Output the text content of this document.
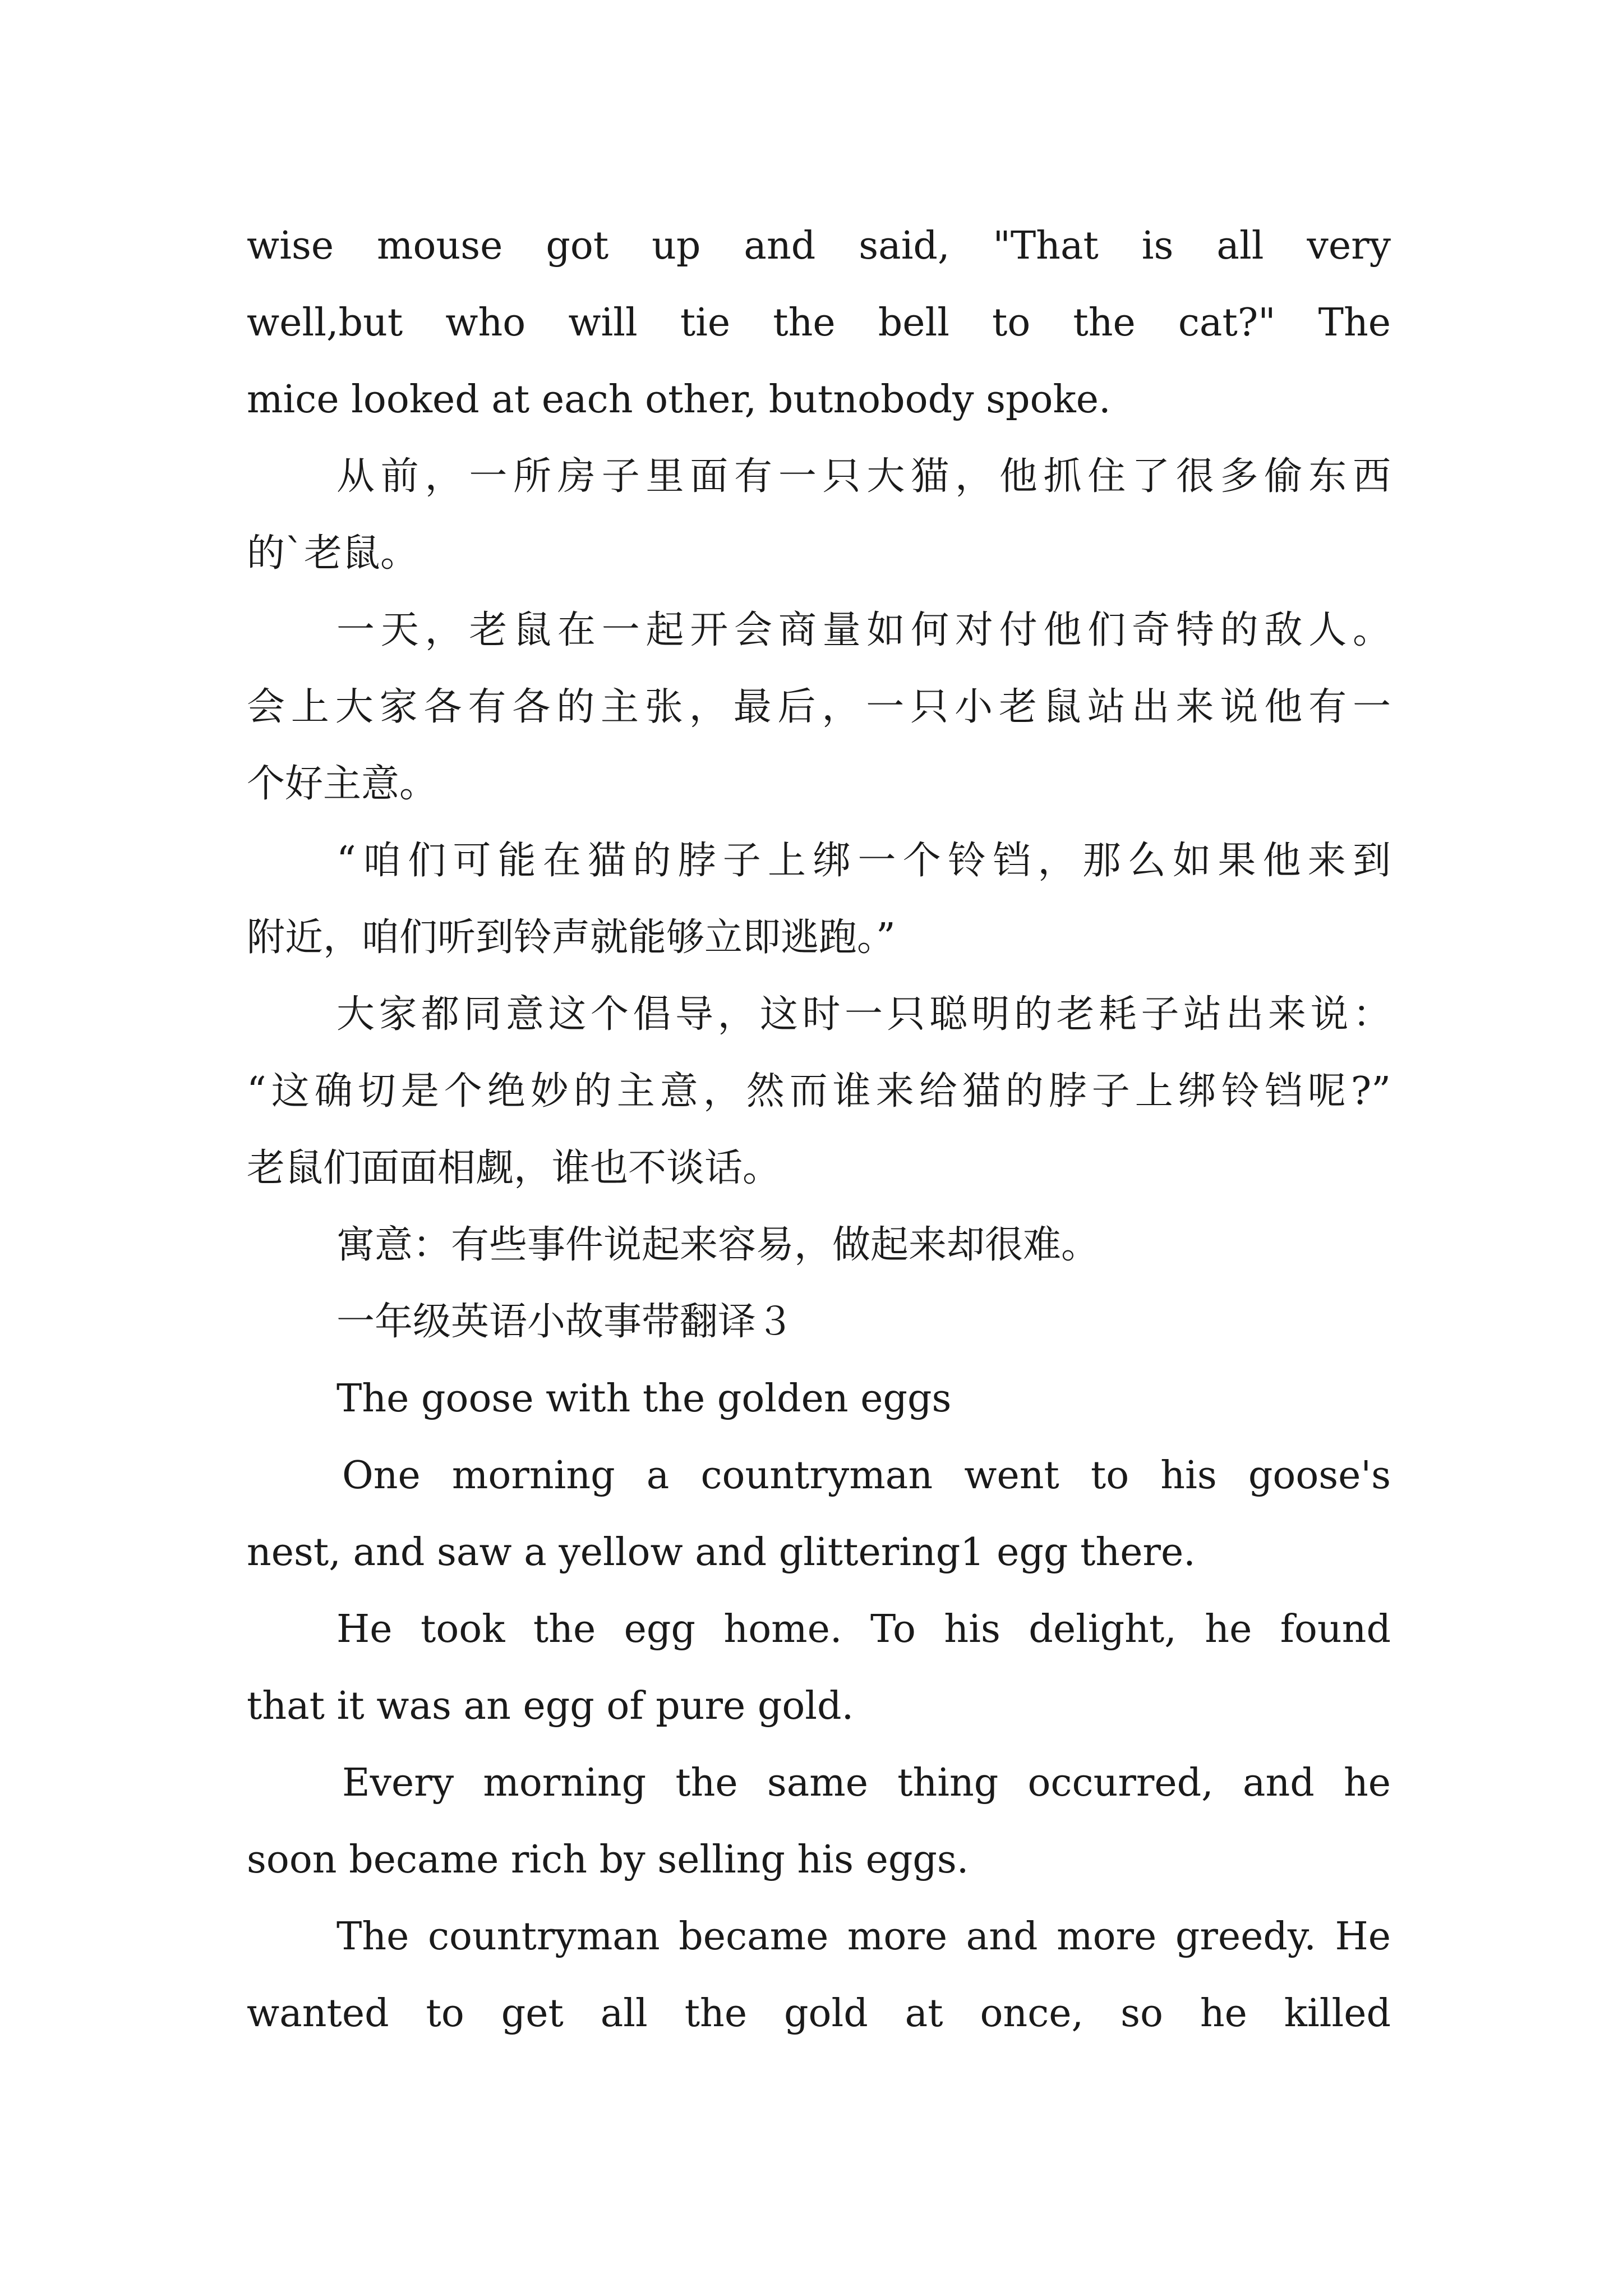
wise mouse got up and said, "That is all very
well,but who will tie the bell to the cat?" The
mice looked at each other, butnobody spoke.
从前，一所房子里面有一只大猫，他抓住了很多偷东西
的`老鼠。
一天，老鼠在一起开会商量如何对付他们奇特的敌人。
会上大家各有各的主张，最后，一只小老鼠站出来说他有一
个好主意。
“咱们可能在猫的脖子上绑一个铃铛，那么如果他来到
附近，咱们听到铃声就能够立即逃跑。”
大家都同意这个倡导，这时一只聪明的老耗子站出来说：
“这确切是个绝妙的主意，然而谁来给猫的脖子上绑铃铛呢?”
老鼠们面面相觑，谁也不谈话。
寓意：有些事件说起来容易，做起来却很难。
一年级英语小故事带翻译３
The goose with the golden eggs
One morning a countryman went to his goose's
nest, and saw a yellow and glittering1 egg there.
He took the egg home. To his delight, he found
that it was an egg of pure gold.
Every morning the same thing occurred, and he
soon became rich by selling his eggs.
The countryman became more and more greedy. He
wanted to get all the gold at once, so he killed
